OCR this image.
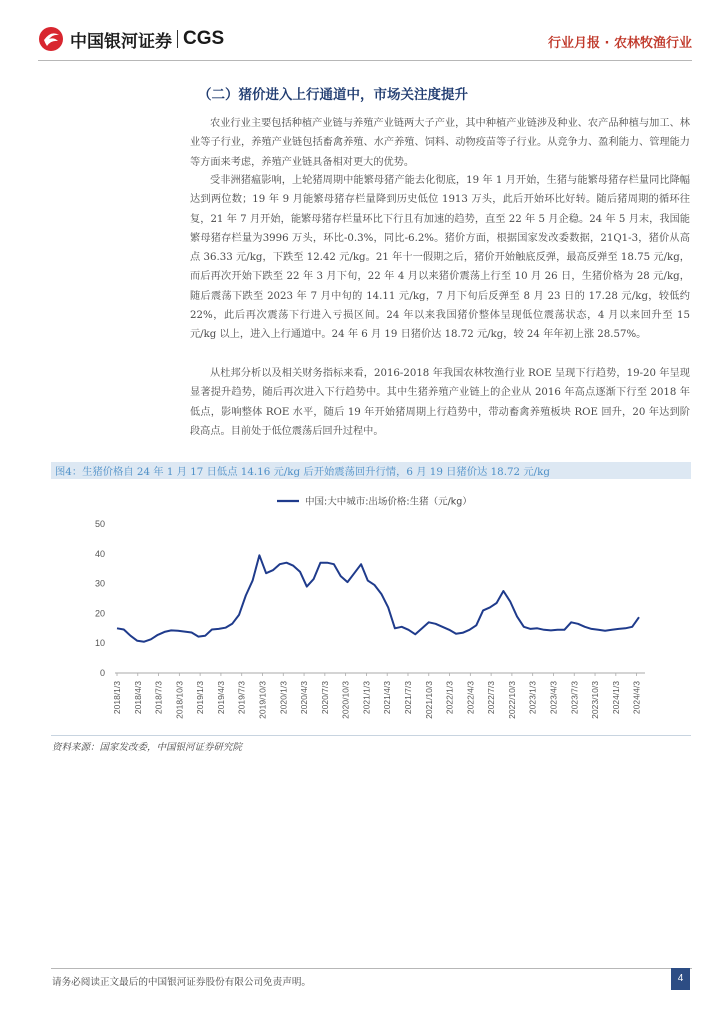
中国银河证券 CGS	行业月报 · 农林牧渔行业
（二）猪价进入上行通道中，市场关注度提升

农业行业主要包括种植产业链与养殖产业链两大子产业，其中种植产业链涉及种业、农产品种植与加工、林业等子行业，养殖产业链包括畜禽养殖、水产养殖、饲料、动物疫苗等子行业。从竞争力、盈利能力、管理能力等方面来考虑，养殖产业链具备相对更大的优势。

受非洲猪瘟影响，上轮猪周期中能繁母猪产能去化彻底，19 年 1 月开始，生猪与能繁母猪存栏量同比降幅达到两位数；19 年 9 月能繁母猪存栏量降到历史低位 1913 万头，此后开始环比好转。随后猪周期的循环往复，21 年 7 月开始，能繁母猪存栏量环比下行且有加速的趋势，直至 22 年 5 月企稳。24 年 5 月末，我国能繁母猪存栏量为3996 万头，环比-0.3%，同比-6.2%。猪价方面，根据国家发改委数据，21Q1-3，猪价从高点 36.33 元/kg，下跌至 12.42 元/kg。21 年十一假期之后，猪价开始触底反弹，最高反弹至 18.75 元/kg，而后再次开始下跌至 22 年 3 月下旬，22 年 4 月以来猪价震荡上行至 10 月 26 日，生猪价格为 28 元/kg，随后震荡下跌至 2023 年 7 月中旬的 14.11 元/kg，7 月下旬后反弹至 8 月 23 日的 17.28 元/kg，较低约 22%，此后再次震荡下行进入亏损区间。24 年以来我国猪价整体呈现低位震荡状态，4 月以来回升至 15 元/kg 以上，进入上行通道中。24 年 6 月 19 日猪价达 18.72 元/kg，较 24 年年初上涨 28.57%。

从杜邦分析以及相关财务指标来看，2016-2018 年我国农林牧渔行业 ROE 呈现下行趋势，19-20 年呈现显著提升趋势，随后再次进入下行趋势中。其中生猪养殖产业链上的企业从 2016 年高点逐渐下行至 2018 年低点，影响整体 ROE 水平，随后 19 年开始猪周期上行趋势中，带动畜禽养殖板块 ROE 回升，20 年达到阶段高点。目前处于低位震荡后回升过程中。

图4：生猪价格自 24 年 1 月 17 日低点 14.16 元/kg 后开始震荡回升行情，6 月 19 日猪价达 18.72 元/kg
0
10
20
30
40
50
2018/1/3 2018/4/3 2018/7/3 2018/10/3 2019/1/3 2019/4/3 2019/7/3 2019/10/3 2020/1/3 2020/4/3 2020/7/3 2020/10/3 2021/1/3 2021/4/3 2021/7/3 2021/10/3 2022/1/3 2022/4/3 2022/7/3 2022/10/3 2023/1/3 2023/4/3 2023/7/3 2023/10/3 2024/1/3 2024/4/3
中国:大中城市:出场价格:生猪（元/kg）
资料来源：国家发改委，中国银河证券研究院
请务必阅读正文最后的中国银河证券股份有限公司免责声明。	4
